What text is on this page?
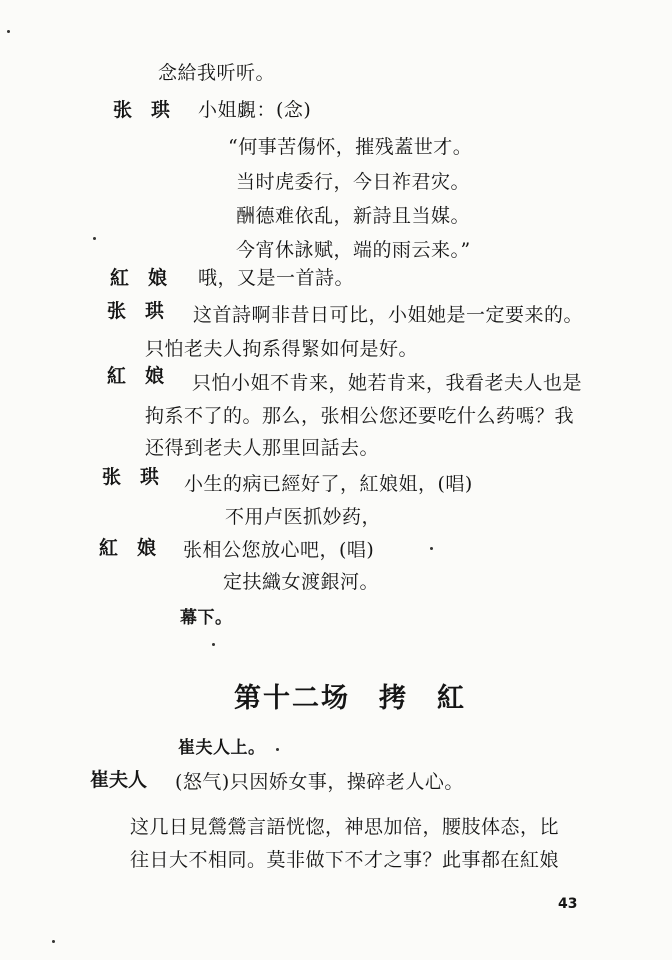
念給我听听。
张　珙 小姐覷：(念)
“何事苦傷怀，摧残蓋世才。
当时虎委行，今日祚君灾。
酬德难依乱，新詩且当媒。
今宵休詠赋，端的雨云来。”
紅　娘 哦，又是一首詩。
张　珙 这首詩啊非昔日可比，小姐她是一定要来的。
只怕老夫人拘系得緊如何是好。
紅　娘 只怕小姐不肯来，她若肯来，我看老夫人也是
拘系不了的。那么，张相公您还要吃什么药嗎？我
还得到老夫人那里回話去。
张　珙 小生的病已經好了，紅娘姐，(唱)
不用卢医抓妙药，
紅　娘 张相公您放心吧，(唱)
定扶織女渡銀河。
幕下。
第十二场　拷　紅
崔夫人上。
崔夫人 (怒气)只因娇女事，操碎老人心。
这几日見鶯鶯言語恍惚，神思加倍，腰肢体态，比
往日大不相同。莫非做下不才之事？此事都在紅娘
43
